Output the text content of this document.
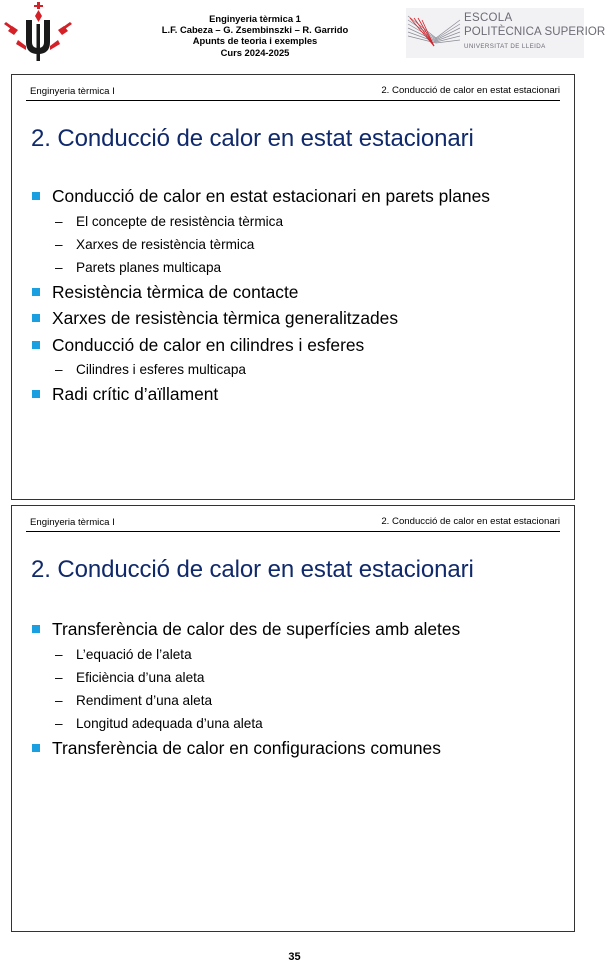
Enginyeria tèrmica 1
L.F. Cabeza – G. Zsembinszki – R. Garrido
Apunts de teoria i exemples
Curs 2024-2025
ESCOLA
POLITÈCNICA SUPERIOR
UNIVERSITAT DE LLEIDA
Enginyeria tèrmica I	2. Conducció de calor en estat estacionari
2. Conducció de calor en estat estacionari
Conducció de calor en estat estacionari en parets planes
– El concepte de resistència tèrmica
– Xarxes de resistència tèrmica
– Parets planes multicapa
Resistència tèrmica de contacte
Xarxes de resistència tèrmica generalitzades
Conducció de calor en cilindres i esferes
– Cilindres i esferes multicapa
Radi crític d’aïllament
Enginyeria tèrmica I	2. Conducció de calor en estat estacionari
2. Conducció de calor en estat estacionari
Transferència de calor des de superfícies amb aletes
– L’equació de l’aleta
– Eficiència d’una aleta
– Rendiment d’una aleta
– Longitud adequada d’una aleta
Transferència de calor en configuracions comunes
35
